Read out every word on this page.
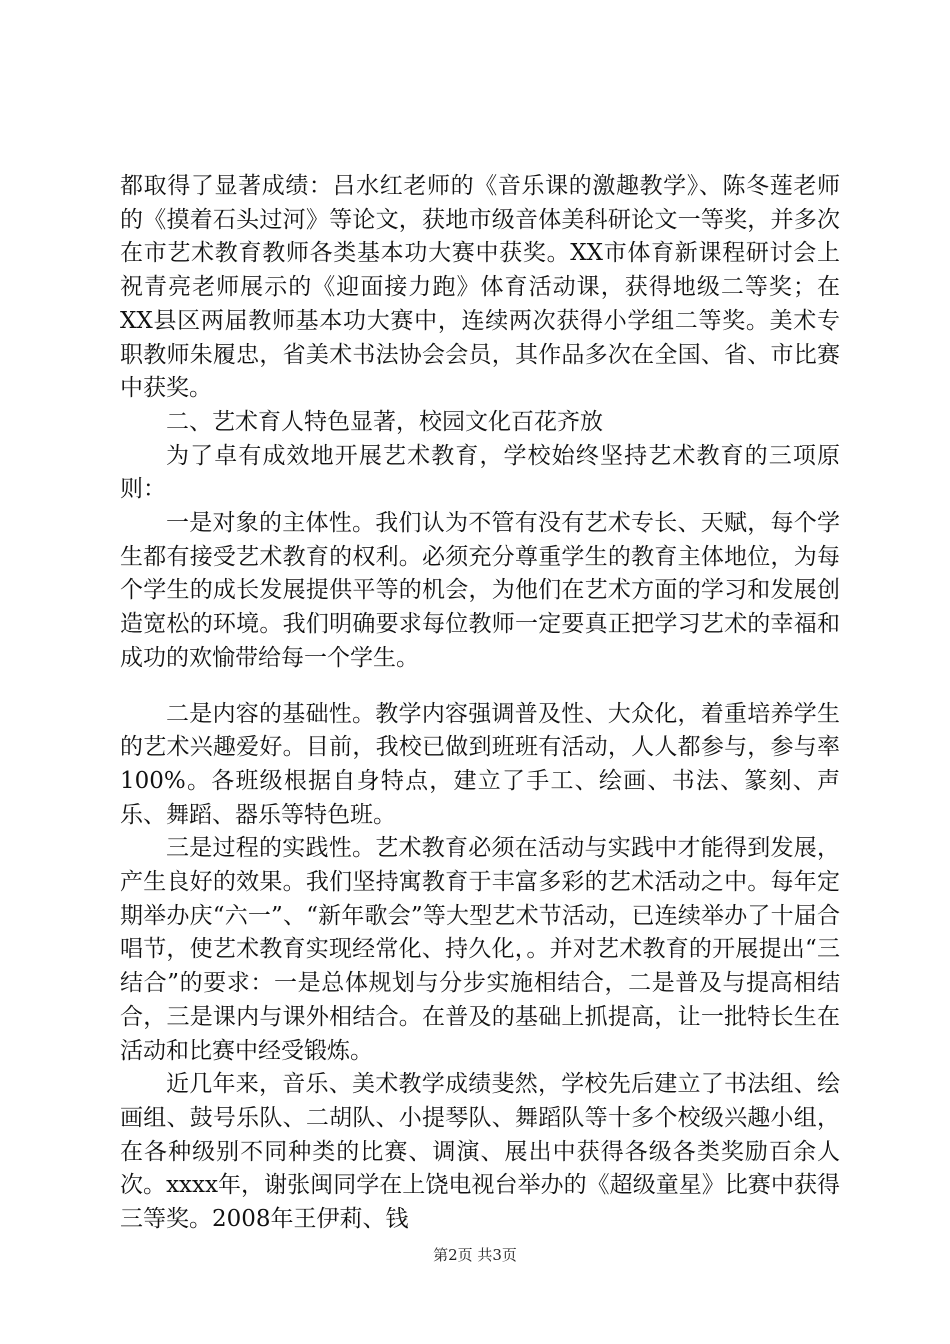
都取得了显著成绩：吕水红老师的《音乐课的激趣教学》、陈冬莲老师的《摸着石头过河》等论文，获地市级音体美科研论文一等奖，并多次在市艺术教育教师各类基本功大赛中获奖。XX市体育新课程研讨会上祝青亮老师展示的《迎面接力跑》体育活动课，获得地级二等奖；在XX县区两届教师基本功大赛中，连续两次获得小学组二等奖。美术专职教师朱履忠，省美术书法协会会员，其作品多次在全国、省、市比赛中获奖。

二、艺术育人特色显著，校园文化百花齐放

为了卓有成效地开展艺术教育，学校始终坚持艺术教育的三项原则：

一是对象的主体性。我们认为不管有没有艺术专长、天赋，每个学生都有接受艺术教育的权利。必须充分尊重学生的教育主体地位，为每个学生的成长发展提供平等的机会，为他们在艺术方面的学习和发展创造宽松的环境。我们明确要求每位教师一定要真正把学习艺术的幸福和成功的欢愉带给每一个学生。

二是内容的基础性。教学内容强调普及性、大众化，着重培养学生的艺术兴趣爱好。目前，我校已做到班班有活动，人人都参与，参与率100%。各班级根据自身特点，建立了手工、绘画、书法、篆刻、声乐、舞蹈、器乐等特色班。

三是过程的实践性。艺术教育必须在活动与实践中才能得到发展，产生良好的效果。我们坚持寓教育于丰富多彩的艺术活动之中。每年定期举办庆“六一”、“新年歌会”等大型艺术节活动，已连续举办了十届合唱节，使艺术教育实现经常化、持久化，。并对艺术教育的开展提出“三结合”的要求：一是总体规划与分步实施相结合，二是普及与提高相结合，三是课内与课外相结合。在普及的基础上抓提高，让一批特长生在活动和比赛中经受锻炼。

近几年来，音乐、美术教学成绩斐然，学校先后建立了书法组、绘画组、鼓号乐队、二胡队、小提琴队、舞蹈队等十多个校级兴趣小组，在各种级别不同种类的比赛、调演、展出中获得各级各类奖励百余人次。xxxx年，谢张闽同学在上饶电视台举办的《超级童星》比赛中获得三等奖。2008年王伊莉、钱

第2页 共3页
